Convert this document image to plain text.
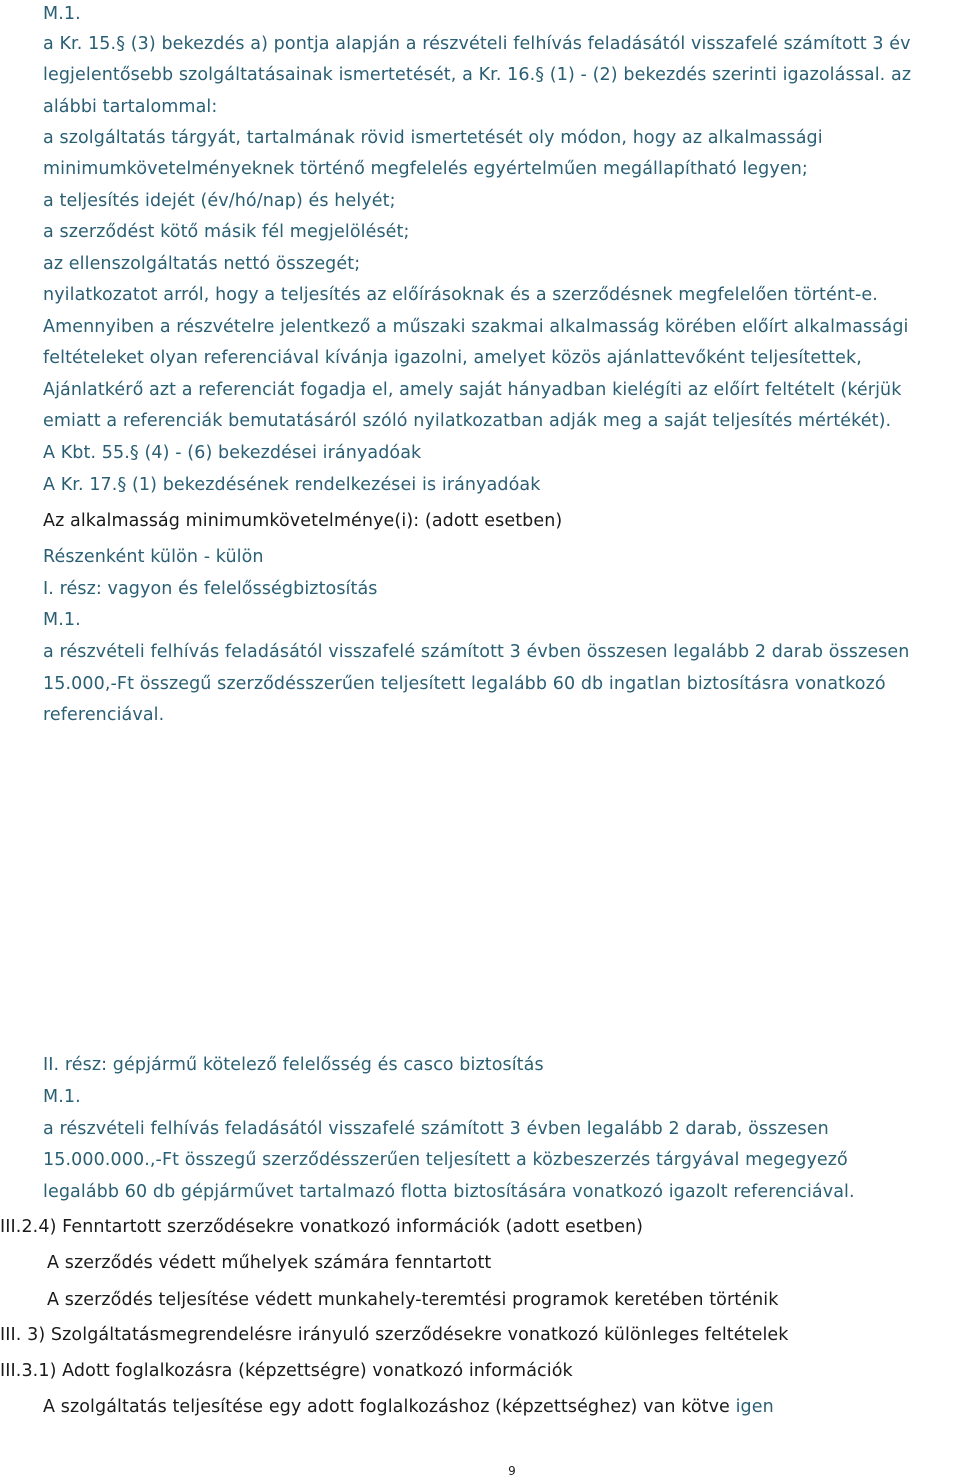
M.1.
a Kr. 15.§ (3) bekezdés a) pontja alapján a részvételi felhívás feladásától visszafelé számított 3 év
legjelentősebb szolgáltatásainak ismertetését, a Kr. 16.§ (1) - (2) bekezdés szerinti igazolással. az
alábbi tartalommal:
a szolgáltatás tárgyát, tartalmának rövid ismertetését oly módon, hogy az alkalmassági
minimumkövetelményeknek történő megfelelés egyértelműen megállapítható legyen;
a teljesítés idejét (év/hó/nap) és helyét;
a szerződést kötő másik fél megjelölését;
az ellenszolgáltatás nettó összegét;
nyilatkozatot arról, hogy a teljesítés az előírásoknak és a szerződésnek megfelelően történt-e.
Amennyiben a részvételre jelentkező a műszaki szakmai alkalmasság körében előírt alkalmassági
feltételeket olyan referenciával kívánja igazolni, amelyet közös ajánlattevőként teljesítettek,
Ajánlatkérő azt a referenciát fogadja el, amely saját hányadban kielégíti az előírt feltételt (kérjük
emiatt a referenciák bemutatásáról szóló nyilatkozatban adják meg a saját teljesítés mértékét).
A Kbt. 55.§ (4) - (6) bekezdései irányadóak
A Kr. 17.§ (1) bekezdésének rendelkezései is irányadóak
Az alkalmasság minimumkövetelménye(i): (adott esetben)
Részenként külön - külön
I. rész: vagyon és felelősségbiztosítás
M.1.
a részvételi felhívás feladásától visszafelé számított 3 évben összesen legalább 2 darab összesen
15.000,-Ft összegű szerződésszerűen teljesített legalább 60 db ingatlan biztosításra vonatkozó
referenciával.
II. rész: gépjármű kötelező felelősség és casco biztosítás
M.1.
a részvételi felhívás feladásától visszafelé számított 3 évben legalább 2 darab, összesen
15.000.000.,-Ft összegű szerződésszerűen teljesített a közbeszerzés tárgyával megegyező
legalább 60 db gépjárművet tartalmazó flotta biztosítására vonatkozó igazolt referenciával.
III.2.4) Fenntartott szerződésekre vonatkozó információk (adott esetben)
A szerződés védett műhelyek számára fenntartott
A szerződés teljesítése védett munkahely-teremtési programok keretében történik
III. 3) Szolgáltatásmegrendelésre irányuló szerződésekre vonatkozó különleges feltételek
III.3.1) Adott foglalkozásra (képzettségre) vonatkozó információk
A szolgáltatás teljesítése egy adott foglalkozáshoz (képzettséghez) van kötve igen
9
